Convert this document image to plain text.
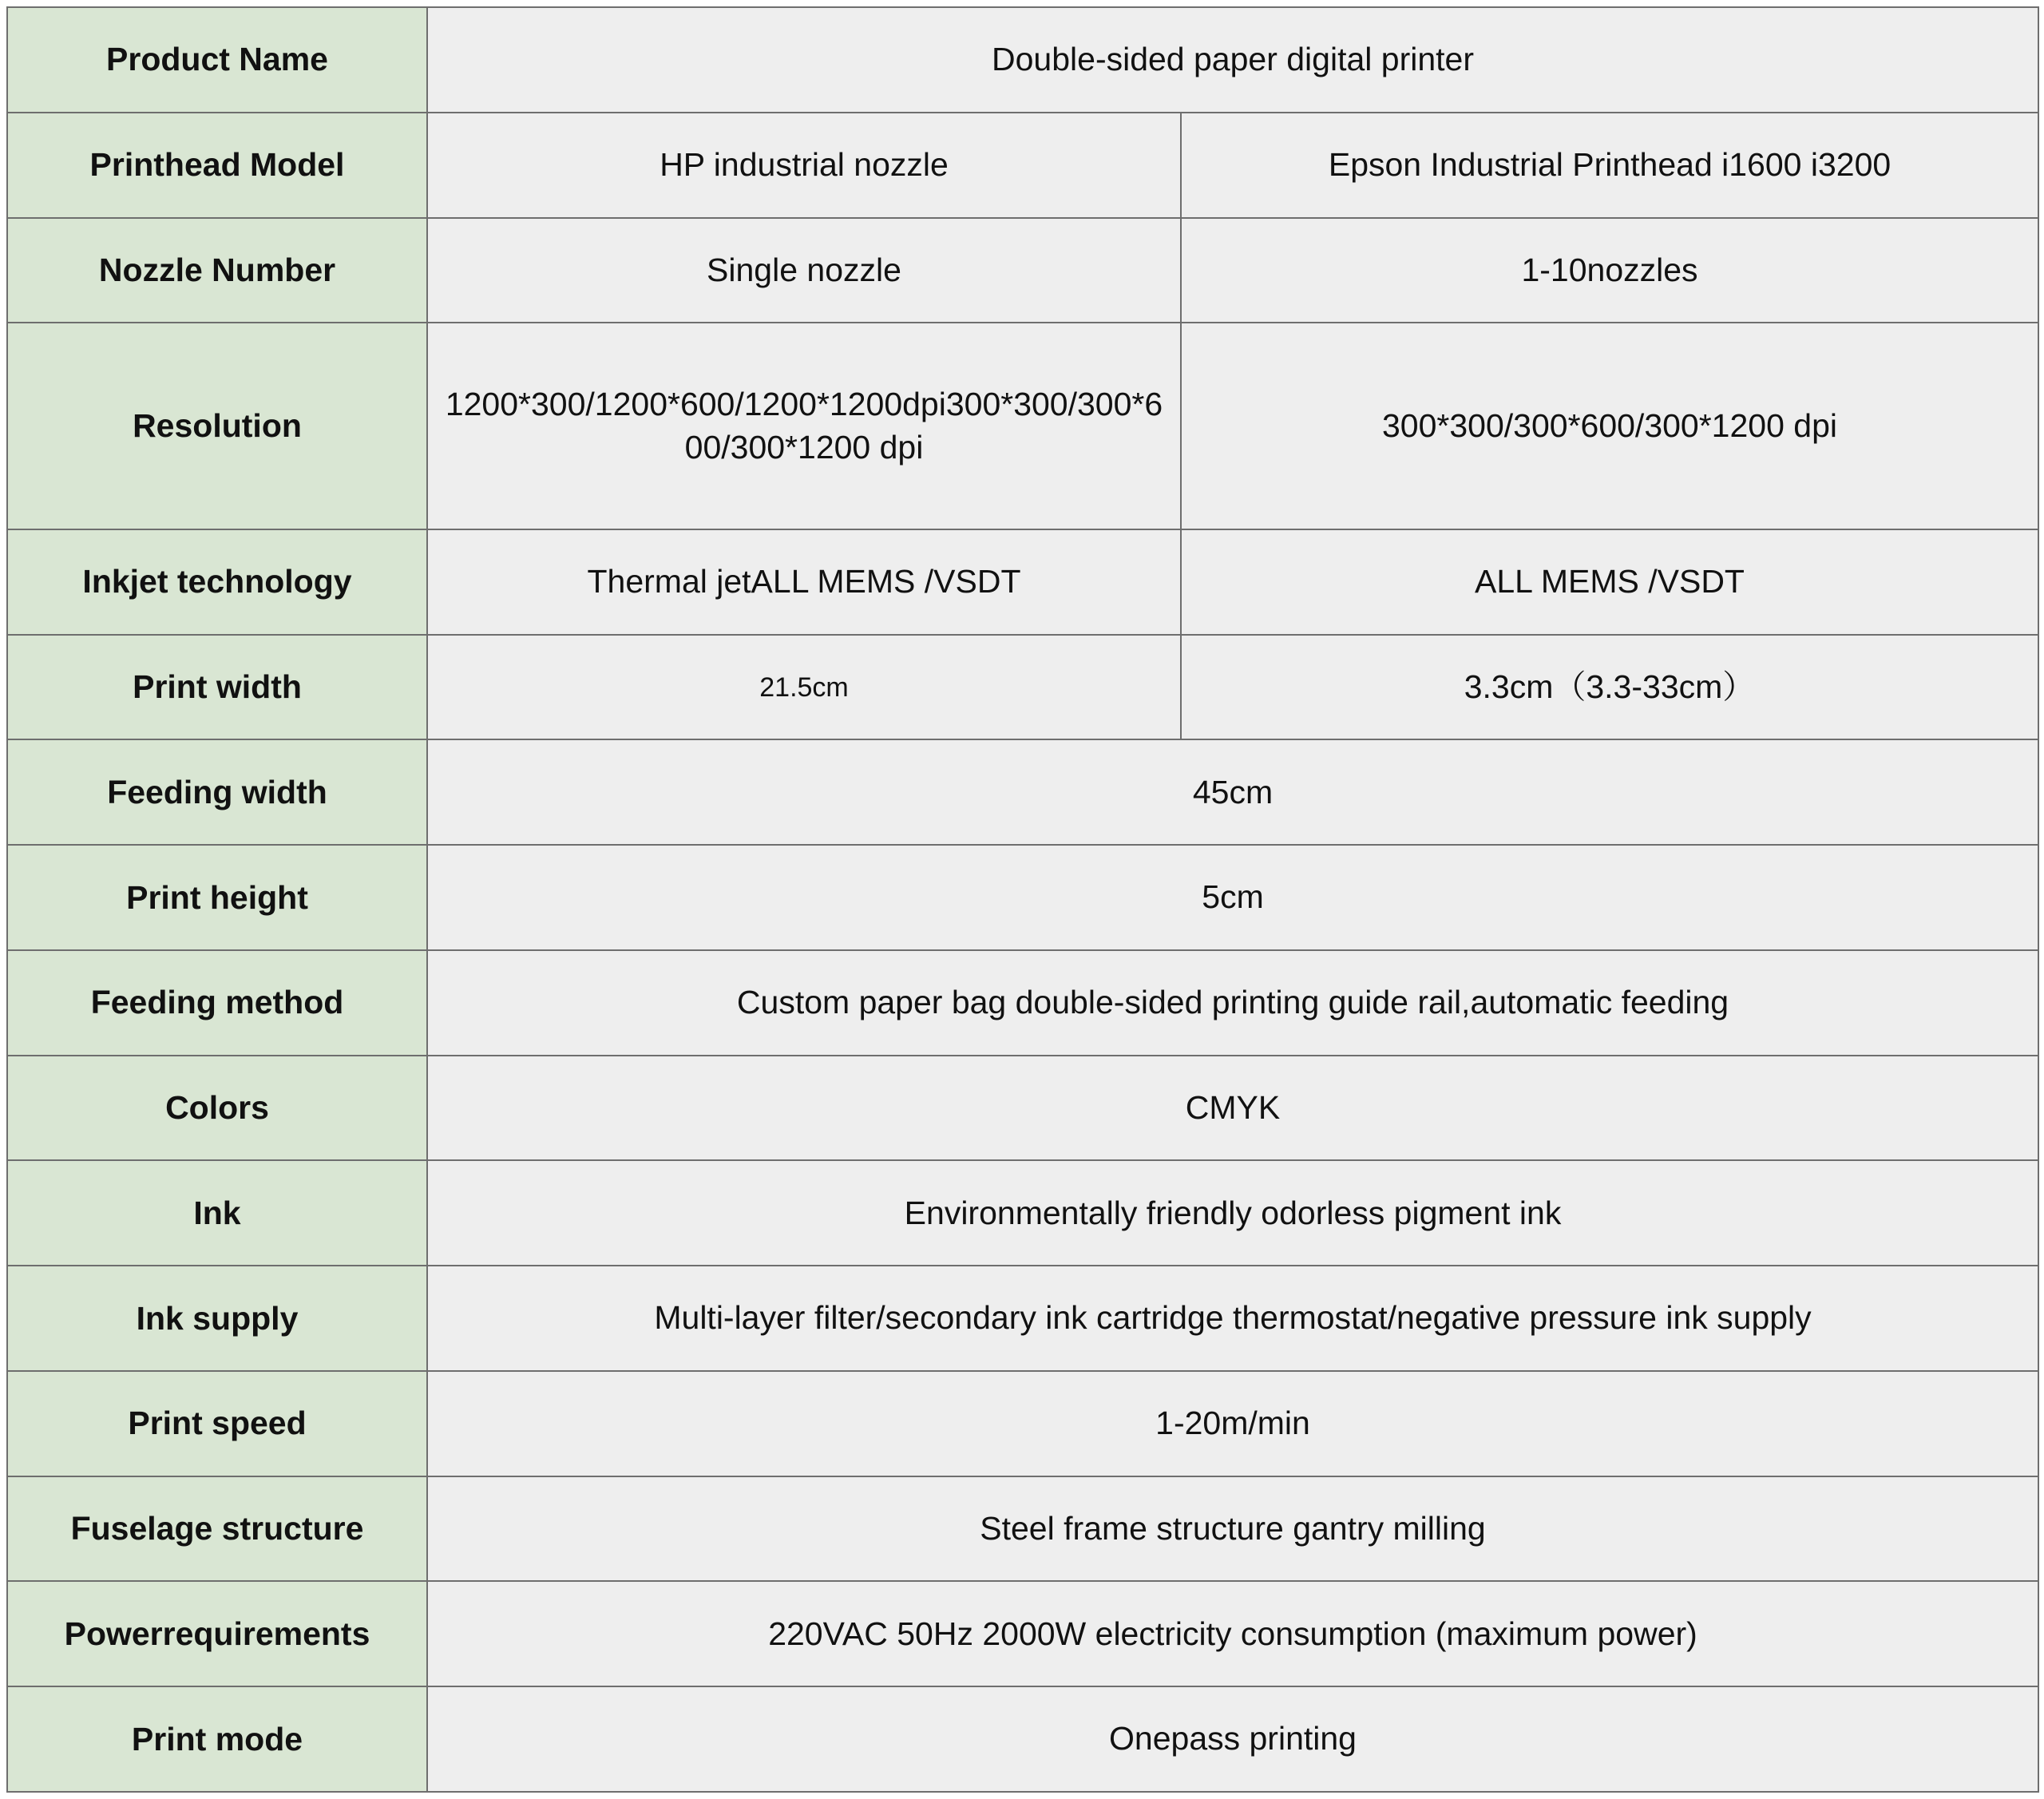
Product Name	Double-sided paper digital printer	
Printhead Model	HP industrial nozzle	Epson Industrial Printhead i1600 i3200
Nozzle Number	Single nozzle	1-10nozzles
Resolution	1200*300/1200*600/1200*1200dpi300*300/300*600/300*1200 dpi	300*300/300*600/300*1200 dpi
Inkjet technology	Thermal jetALL MEMS /VSDT	ALL MEMS /VSDT
Print width	21.5cm	3.3cm（3.3-33cm）
Feeding width	45cm	
Print height	5cm	
Feeding method	Custom paper bag double-sided printing guide rail,automatic feeding	
Colors	CMYK	
Ink	Environmentally friendly odorless pigment ink	
Ink supply	Multi-layer filter/secondary ink cartridge thermostat/negative pressure ink supply	
Print speed	1-20m/min	
Fuselage structure	Steel frame structure gantry milling	
Powerrequirements	220VAC 50Hz 2000W electricity consumption (maximum power)	
Print mode	Onepass printing	
